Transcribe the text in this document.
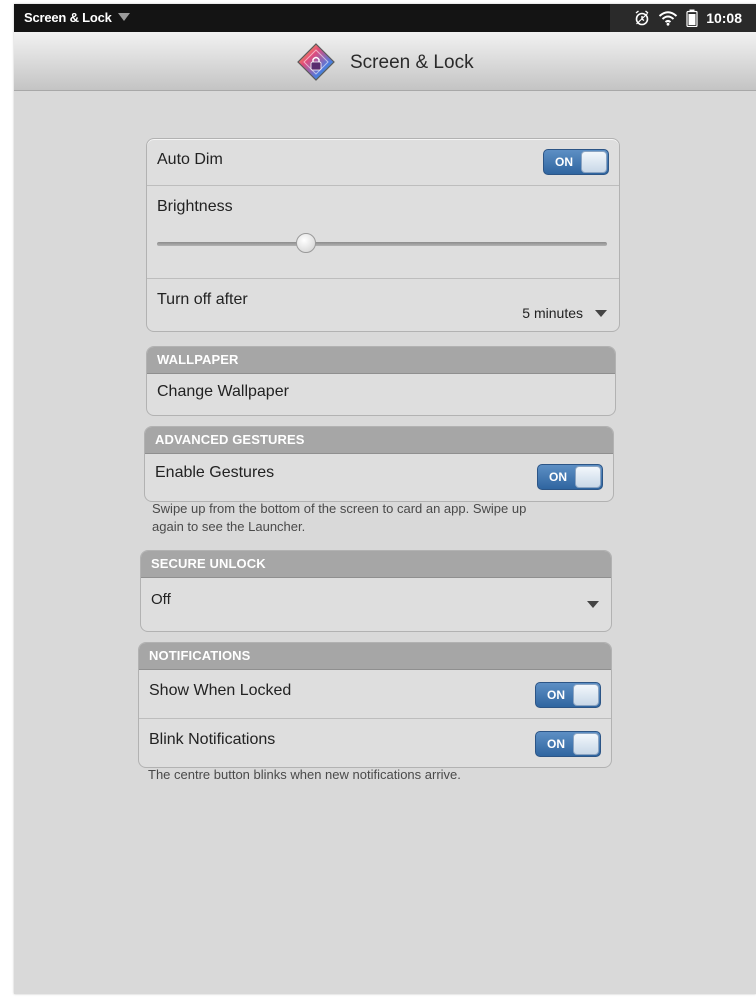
Screen & Lock	10:08
Screen & Lock
Auto Dim	ON
Brightness
Turn off after
5 minutes
WALLPAPER
Change Wallpaper
ADVANCED GESTURES
Enable Gestures	ON
Swipe up from the bottom of the screen to card an app. Swipe up
again to see the Launcher.
SECURE UNLOCK
Off
NOTIFICATIONS
Show When Locked	ON
Blink Notifications	ON
The centre button blinks when new notifications arrive.
